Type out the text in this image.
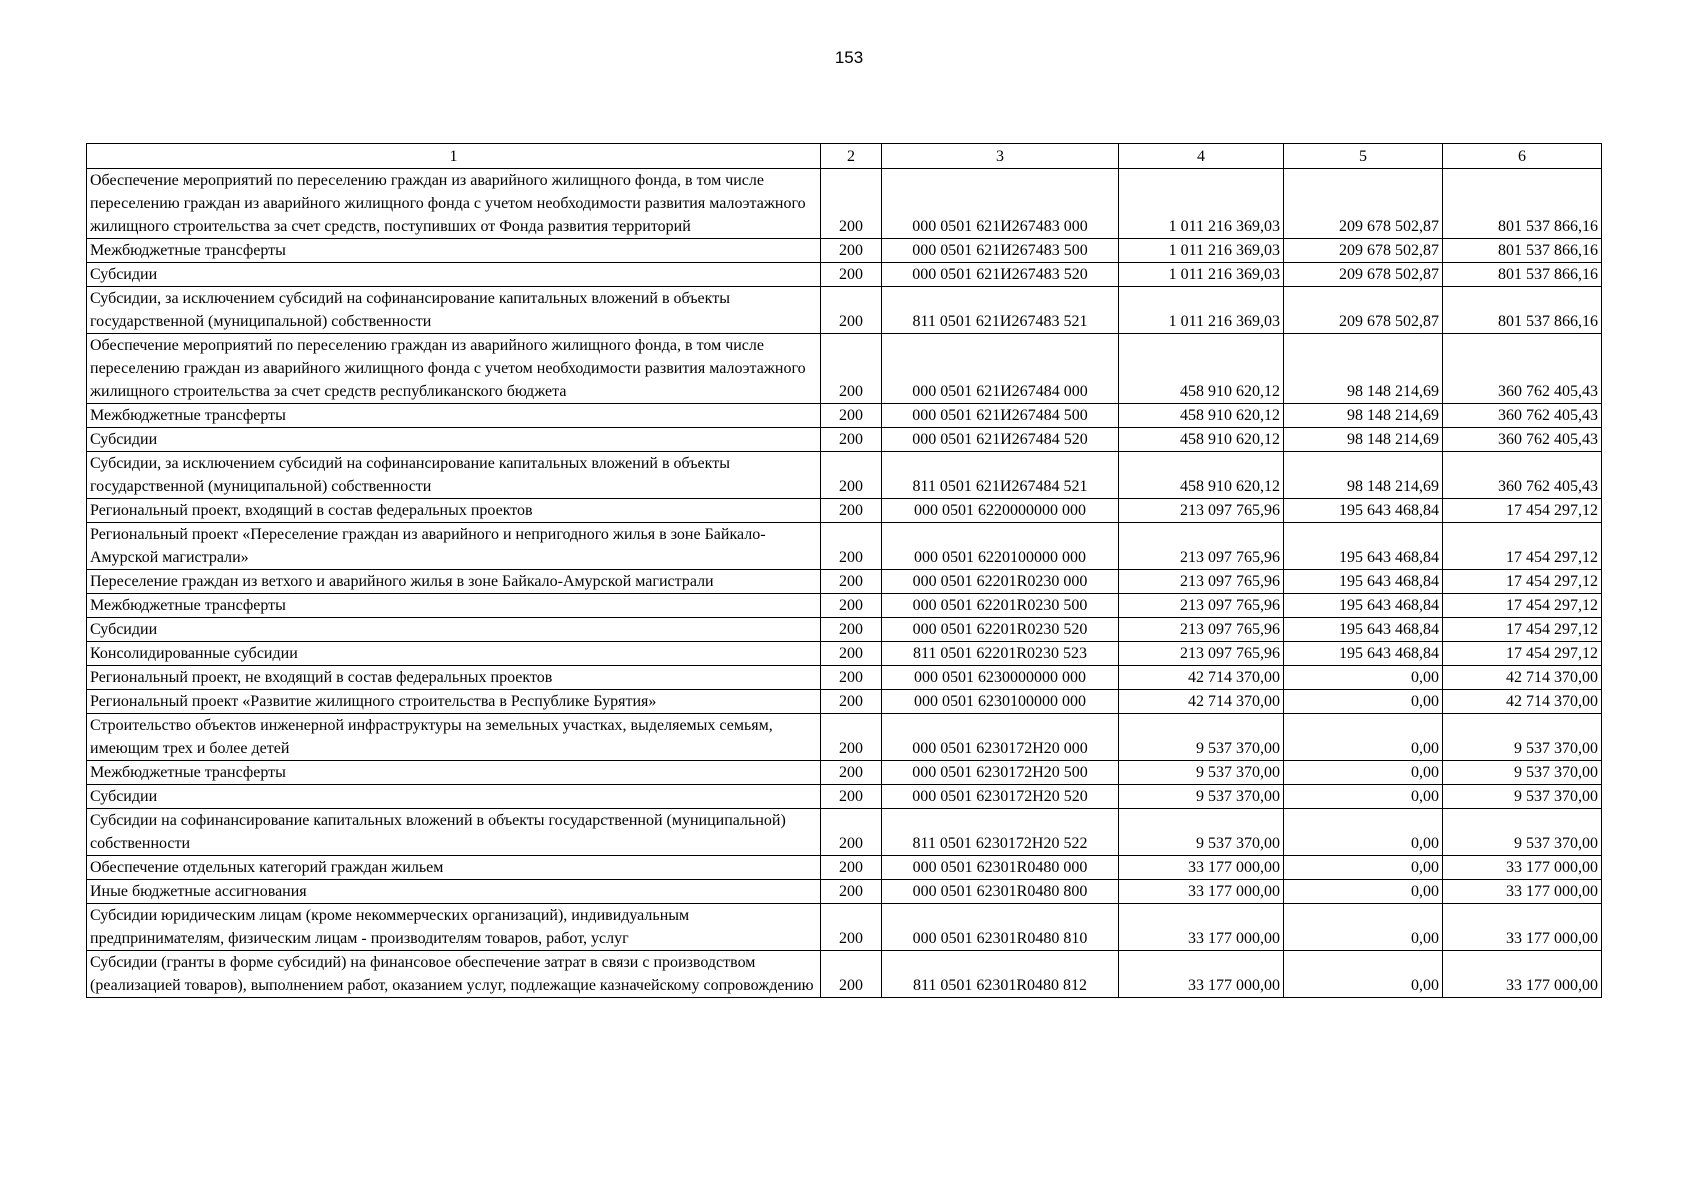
153
1	2	3	4	5	6
Обеспечение мероприятий по переселению граждан из аварийного жилищного фонда, в том числе переселению граждан из аварийного жилищного фонда с учетом необходимости развития малоэтажного жилищного строительства за счет средств, поступивших от Фонда развития территорий	200	000 0501 621И267483 000	1 011 216 369,03	209 678 502,87	801 537 866,16
Межбюджетные трансферты	200	000 0501 621И267483 500	1 011 216 369,03	209 678 502,87	801 537 866,16
Субсидии	200	000 0501 621И267483 520	1 011 216 369,03	209 678 502,87	801 537 866,16
Субсидии, за исключением субсидий на софинансирование капитальных вложений в объекты государственной (муниципальной) собственности	200	811 0501 621И267483 521	1 011 216 369,03	209 678 502,87	801 537 866,16
Обеспечение мероприятий по переселению граждан из аварийного жилищного фонда, в том числе переселению граждан из аварийного жилищного фонда с учетом необходимости развития малоэтажного жилищного строительства за счет средств республиканского бюджета	200	000 0501 621И267484 000	458 910 620,12	98 148 214,69	360 762 405,43
Межбюджетные трансферты	200	000 0501 621И267484 500	458 910 620,12	98 148 214,69	360 762 405,43
Субсидии	200	000 0501 621И267484 520	458 910 620,12	98 148 214,69	360 762 405,43
Субсидии, за исключением субсидий на софинансирование капитальных вложений в объекты государственной (муниципальной) собственности	200	811 0501 621И267484 521	458 910 620,12	98 148 214,69	360 762 405,43
Региональный проект, входящий в состав федеральных проектов	200	000 0501 6220000000 000	213 097 765,96	195 643 468,84	17 454 297,12
Региональный проект «Переселение граждан из аварийного и непригодного жилья в зоне Байкало-Амурской магистрали»	200	000 0501 6220100000 000	213 097 765,96	195 643 468,84	17 454 297,12
Переселение граждан из ветхого и аварийного жилья в зоне Байкало-Амурской магистрали	200	000 0501 62201R0230 000	213 097 765,96	195 643 468,84	17 454 297,12
Межбюджетные трансферты	200	000 0501 62201R0230 500	213 097 765,96	195 643 468,84	17 454 297,12
Субсидии	200	000 0501 62201R0230 520	213 097 765,96	195 643 468,84	17 454 297,12
Консолидированные субсидии	200	811 0501 62201R0230 523	213 097 765,96	195 643 468,84	17 454 297,12
Региональный проект, не входящий в состав федеральных проектов	200	000 0501 6230000000 000	42 714 370,00	0,00	42 714 370,00
Региональный проект «Развитие жилищного строительства в Республике Бурятия»	200	000 0501 6230100000 000	42 714 370,00	0,00	42 714 370,00
Строительство объектов инженерной инфраструктуры на земельных участках, выделяемых семьям, имеющим трех и более детей	200	000 0501 6230172Н20 000	9 537 370,00	0,00	9 537 370,00
Межбюджетные трансферты	200	000 0501 6230172Н20 500	9 537 370,00	0,00	9 537 370,00
Субсидии	200	000 0501 6230172Н20 520	9 537 370,00	0,00	9 537 370,00
Субсидии на софинансирование капитальных вложений в объекты государственной (муниципальной) собственности	200	811 0501 6230172Н20 522	9 537 370,00	0,00	9 537 370,00
Обеспечение отдельных категорий граждан жильем	200	000 0501 62301R0480 000	33 177 000,00	0,00	33 177 000,00
Иные бюджетные ассигнования	200	000 0501 62301R0480 800	33 177 000,00	0,00	33 177 000,00
Субсидии юридическим лицам (кроме некоммерческих организаций), индивидуальным предпринимателям, физическим лицам - производителям товаров, работ, услуг	200	000 0501 62301R0480 810	33 177 000,00	0,00	33 177 000,00
Субсидии (гранты в форме субсидий) на финансовое обеспечение затрат в связи с производством (реализацией товаров), выполнением работ, оказанием услуг, подлежащие казначейскому сопровождению	200	811 0501 62301R0480 812	33 177 000,00	0,00	33 177 000,00
